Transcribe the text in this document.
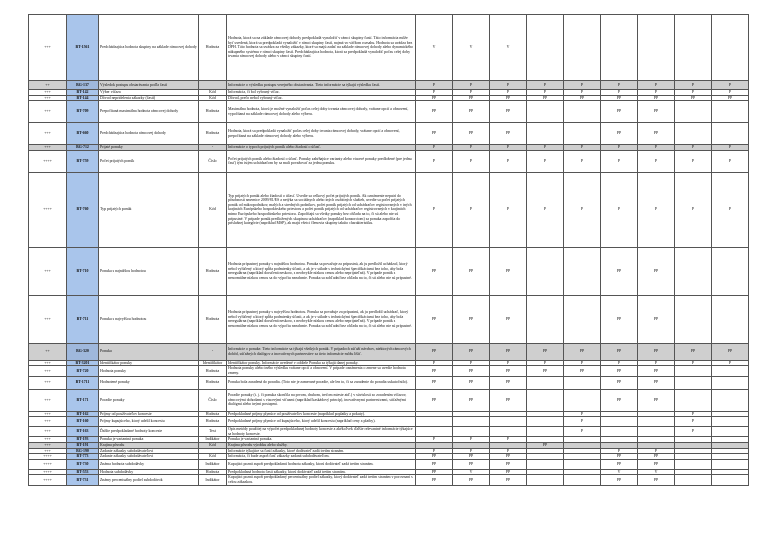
+++	BT-1561	Predchádzajúca hodnota skupiny na základe rámcovej dohody	Hodnota	Hodnota, ktorá sa na základe rámcovej dohody predpokladá vynaložiť v rámci skupiny častí. Táto informácia môže byť uvedená, ktorá sa predpokladá vynaložiť v rámci skupiny častí, najmä vo väčšom rozsahu. Hodnota sa uvádza bez DPH. Táto hodnota sa uvádza za všetky zákazky, ktoré sa majú zadať na základe rámcovej dohody alebo dynamického nákupného systému v rámci skupiny častí. Predchádzajúca hodnota, ktorá sa predpokladá vynaložiť počas celej doby trvania rámcovej dohody alebo v rámci skupiny častí.	V	V	V						
++	BG-137	Výsledok postupu obstarávania podľa častí		Informácie o výsledku postupu verejného obstarávania. Tieto informácie sa týkajú výsledku častí.	P	P	P	P	P	P	P	P	P
+++	BT-142	Výber víťaza	Kód	Informácia, či bol vybraný víťaz.	P	P	P	P	P	P	P	P	P
+++	BT-144	Dôvod nepridelenia zákazky (častí)	Kód	Dôvod, prečo nebol vybraný víťaz.	PP	PP	PP	PP	PP	PP	PP	PP	PP
+++	BT-709	Prepočítaná maximálna hodnota rámcovej dohody	Hodnota	Maximálna hodnota, ktorú je možné vynaložiť počas celej doby trvania rámcovej dohody, vrátane opcií a obnovení, vypočítaná na základe rámcovej dohody alebo výberu.	PP	PP	PP			PP	PP		
+++	BT-660	Predchádzajúca hodnota rámcovej dohody	Hodnota	Hodnota, ktorá sa predpokladá vynaložiť počas celej doby trvania rámcovej dohody, vrátane opcií a obnovení, prepočítaná na základe rámcovej dohody alebo výberu.	PP	PP	PP			PP	PP		
+++	BG-712	Prijaté ponuky	-	Informácie o typoch prijatých ponúk alebo žiadostí o účasť.	P	P	P	P	P	P	P	P	P
++++	BT-759	Počet prijatých ponúk	Číslo	Počet prijatých ponúk alebo žiadostí o účasť. Ponuky zahŕňajúce varianty alebo viaceré ponuky predložené (pre jednu časť) tým istým uchádzačom by sa mali považovať za jednu ponuku.	P	P	P	P	P	P	P	P	P
++++	BT-760	Typ prijatých ponúk	Kód	Typ prijatých ponúk alebo žiadostí o účasť. Uvedie sa celkový počet prijatých ponúk. Ak oznámenie nepatrí do pôsobnosti smernice 2009/81/ES a netýka sa sociálnych alebo iných osobitných služieb, uvedie sa počet prijatých ponúk od mikropodnikov, malých a stredných podnikov, počet ponúk prijatých od uchádzačov registrovaných v iných krajinách Európskeho hospodárskeho priestoru a počet ponúk prijatých od uchádzačov registrovaných v krajinách mimo Európskeho hospodárskeho priestoru. Započítajú sa všetky ponuky bez ohľadu na to, či sú alebo nie sú prípustné. V prípade ponúk predložených skupinou uchádzačov (napríklad konzorciom) sa ponuka započíta do príslušnej kategórie (napríklad MSP), ak majú všetci členovia skupiny takúto charakteristiku.	P	P	P	P	P	P	P	P	P
+++	BT-710	Ponuka s najnižšou hodnotou	Hodnota	Hodnota prípustnej ponuky s najnižšou hodnotou. Ponuka sa považuje za prípustnú, ak ju predložil uchádzač, ktorý nebol vylúčený a ktorý spĺňa podmienky účasti, a ak je v súlade s technickými špecifikáciami bez toho, aby bola neregulárna (napríklad doručená neskoro, s neobvykle nízkou cenou alebo neprijateľná). V prípade ponúk s nenormálne nízkou cenou sa do výpočtu nezahrnie. Ponuka sa zohľadní bez ohľadu na to, či sú alebo nie sú prípustné.	PP	PP	PP			PP	PP		
+++	BT-711	Ponuka s najvyššou hodnotou	Hodnota	Hodnota prípustnej ponuky s najvyššou hodnotou. Ponuka sa považuje za prípustnú, ak ju predložil uchádzač, ktorý nebol vylúčený a ktorý spĺňa podmienky účasti, a ak je v súlade s technickými špecifikáciami bez toho, aby bola neregulárna (napríklad doručená neskoro, s neobvykle nízkou cenou alebo neprijateľná). V prípade ponúk s nenormálne nízkou cenou sa do výpočtu nezahrnie. Ponuka sa zohľadní bez ohľadu na to, či sú alebo nie sú prípustné.	PP	PP	PP			PP	PP		
++	BG-320	Ponuka	-	Informácie o ponuke. Tieto informácie sa týkajú všetkých ponúk. V prípadoch súťaží návrhov, niektorých rámcových dohôd, súťažných dialógov a inovatívnych partnerstiev sa tieto informácie môžu líšiť.	PP	PP	PP	PP	PP	PP	PP	PP	PP
+++	BT-3201	Identifikátor ponuky	Identifikátor	Identifikátor ponuky. Informácie uvedené v oddiele Ponuka sa týkajú danej ponuky.	P	P	P	P	P	P	P	P	P
+++	BT-720	Hodnota ponuky	Hodnota	Hodnota ponuky alebo iného výsledku vrátane opcií a obnovení. V prípade oznámenia o zmene sa uvedie hodnota zmeny.	PP	PP	PP	PP	PP	PP	PP		
+++	BT-1711	Hodnotené ponuky	Hodnota	Ponuka bola zaradená do poradia. (Toto nie je zamerané poradie, ale len to, či sa zaradenie do poradia uskutočnilo).	PP	PP	PP			PP	PP		
+++	BT-171	Poradie ponuky	Číslo	Poradie ponuky (t. j. či ponuka skončila na prvom, druhom, treťom mieste atď.) v súvislosti so zoradením víťazov, rámcovými dohodami s viacerými víťazmi (napríklad kaskádový princíp), inovatívnymi partnerstvami, súťažnými dialógmi alebo inými postupmi.	PP	PP	PP			PP	PP		
+++	BT-162	Príjmy od používateľov koncesie	Hodnota	Predpokladané príjmy plynúce od používateľov koncesie (napríklad poplatky a pokuty).					P			P	
+++	BT-160	Príjmy kupujúceho, ktorý udelil koncesiu	Hodnota	Predpokladané príjmy plynúce od kupujúceho, ktorý udelil koncesiu (napríklad ceny a platby).					P			P	
+++	BT-163	Ďalšie predpokladané hodnoty koncesie	Text	Opis metódy použitej na výpočet predpokladanej hodnoty koncesie a akékoľvek ďalšie relevantné informácie týkajúce sa hodnoty koncesie.					P			P	
+++	BT-193	Ponuka je variantná ponuka	Indikátor	Ponuka je variantná ponuka.	P	P	P						
+++	BT-191	Krajina pôvodu	Kód	Krajina pôvodu výrobku alebo služby.				PP					
+++	BG-190	Zadanie zákazky subdodávateľovi		Informácie týkajúce sa častí zákazky, ktoré dodávateľ zadá tretím stranám.	P	P	P			P	P		
++++	BT-773	Zadanie zákazky subdodávateľovi	Kód	Informácia, či bude aspoň časť zákazky zadaná subdodávateľom.	PP	PP	PP			PP	PP		
++++	BT-730	Známa hodnota subdodávky	Indikátor	Kupujúci pozná aspoň predpokladanú hodnotu zákazky, ktorú dodávateľ zadá tretím stranám.	PP	PP	PP			PP	PP		
++++	BT-553	Hodnota subdodávky	Hodnota	Predpokladaná hodnota časti zákazky, ktorú dodávateľ zadá tretím stranám.	PP	V	PP			V	V		
++++	BT-731	Známy percentuálny podiel subdodávok	Indikátor	Kupujúci pozná aspoň predpokladaný percentuálny podiel zákazky, ktorý dodávateľ zadá tretím stranám v porovnaní s celou zákazkou.	PP	PP	PP			PP	PP		
